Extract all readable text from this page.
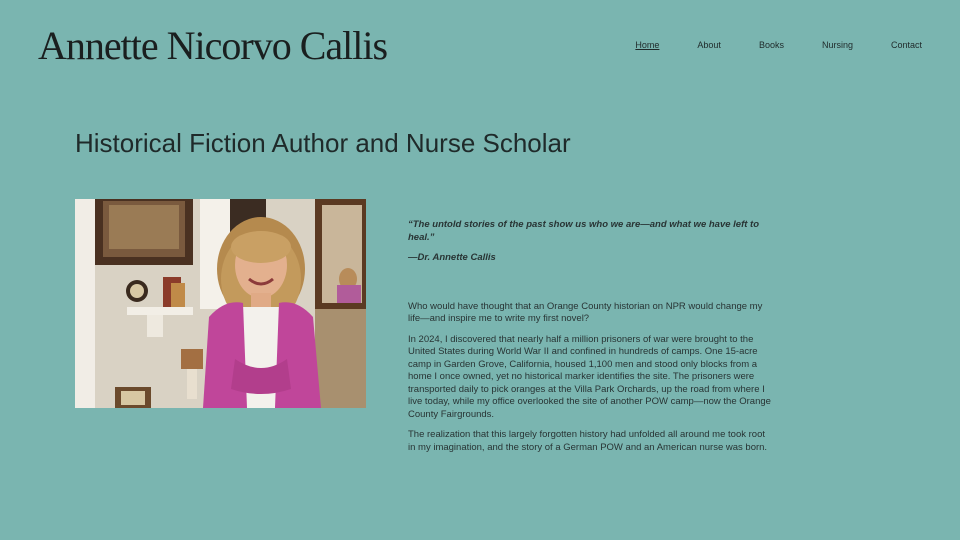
Annette Nicorvo Callis	Home	About	Books	Nursing	Contact
Historical Fiction Author and Nurse Scholar

“The untold stories of the past show us who we are—and what we have left to heal.”

—Dr. Annette Callis

Who would have thought that an Orange County historian on NPR would change my life—and inspire me to write my first novel?

In 2024, I discovered that nearly half a million prisoners of war were brought to the United States during World War II and confined in hundreds of camps. One 15-acre camp in Garden Grove, California, housed 1,100 men and stood only blocks from a home I once owned, yet no historical marker identifies the site. The prisoners were transported daily to pick oranges at the Villa Park Orchards, up the road from where I live today, while my office overlooked the site of another POW camp—now the Orange County Fairgrounds.

The realization that this largely forgotten history had unfolded all around me took root in my imagination, and the story of a German POW and an American nurse was born.
